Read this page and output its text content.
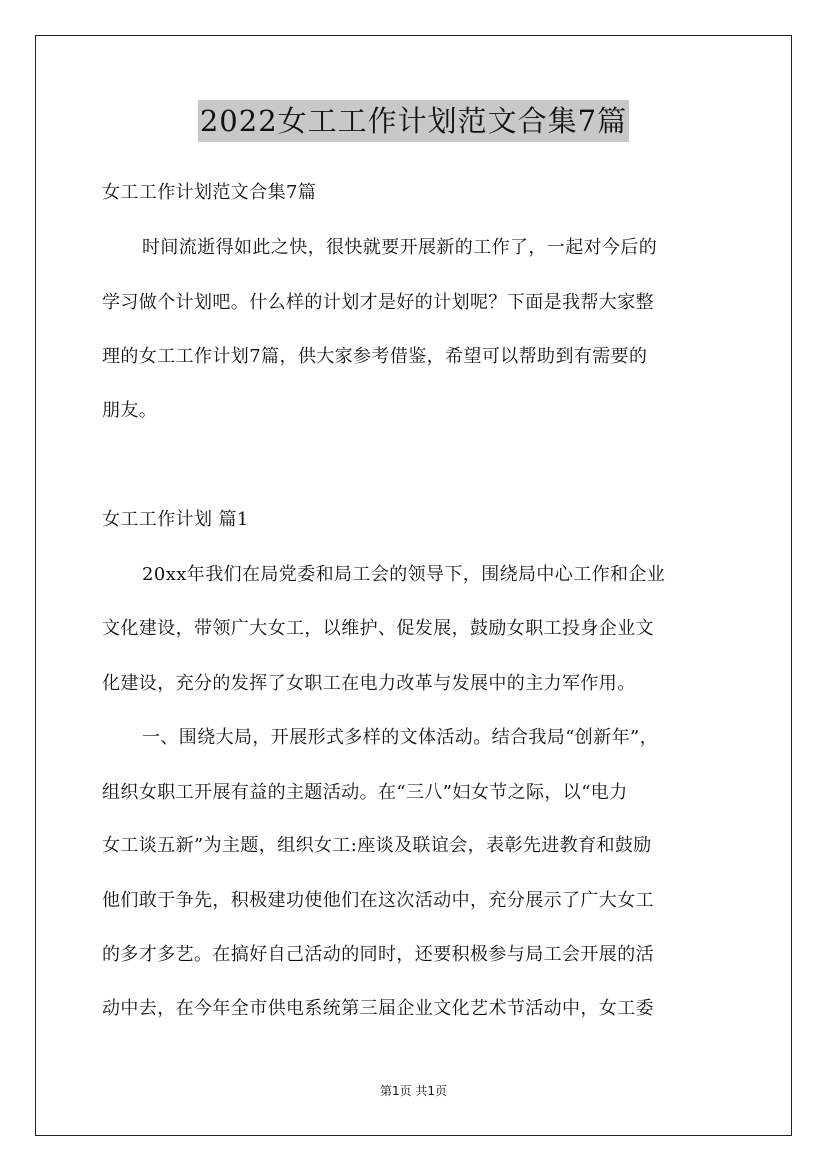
2022女工工作计划范文合集7篇
女工工作计划范文合集7篇
时间流逝得如此之快，很快就要开展新的工作了，一起对今后的
学习做个计划吧。什么样的计划才是好的计划呢？下面是我帮大家整
理的女工工作计划7篇，供大家参考借鉴，希望可以帮助到有需要的
朋友。
女工工作计划 篇1
20xx年我们在局党委和局工会的领导下，围绕局中心工作和企业
文化建设，带领广大女工，以维护、促发展，鼓励女职工投身企业文
化建设，充分的发挥了女职工在电力改革与发展中的主力军作用。
一、围绕大局，开展形式多样的文体活动。结合我局“创新年”，
组织女职工开展有益的主题活动。在“三八”妇女节之际，以“电力
女工谈五新”为主题，组织女工:座谈及联谊会，表彰先进教育和鼓励
他们敢于争先，积极建功使他们在这次活动中，充分展示了广大女工
的多才多艺。在搞好自己活动的同时，还要积极参与局工会开展的活
动中去，在今年全市供电系统第三届企业文化艺术节活动中，女工委
第1页 共1页
